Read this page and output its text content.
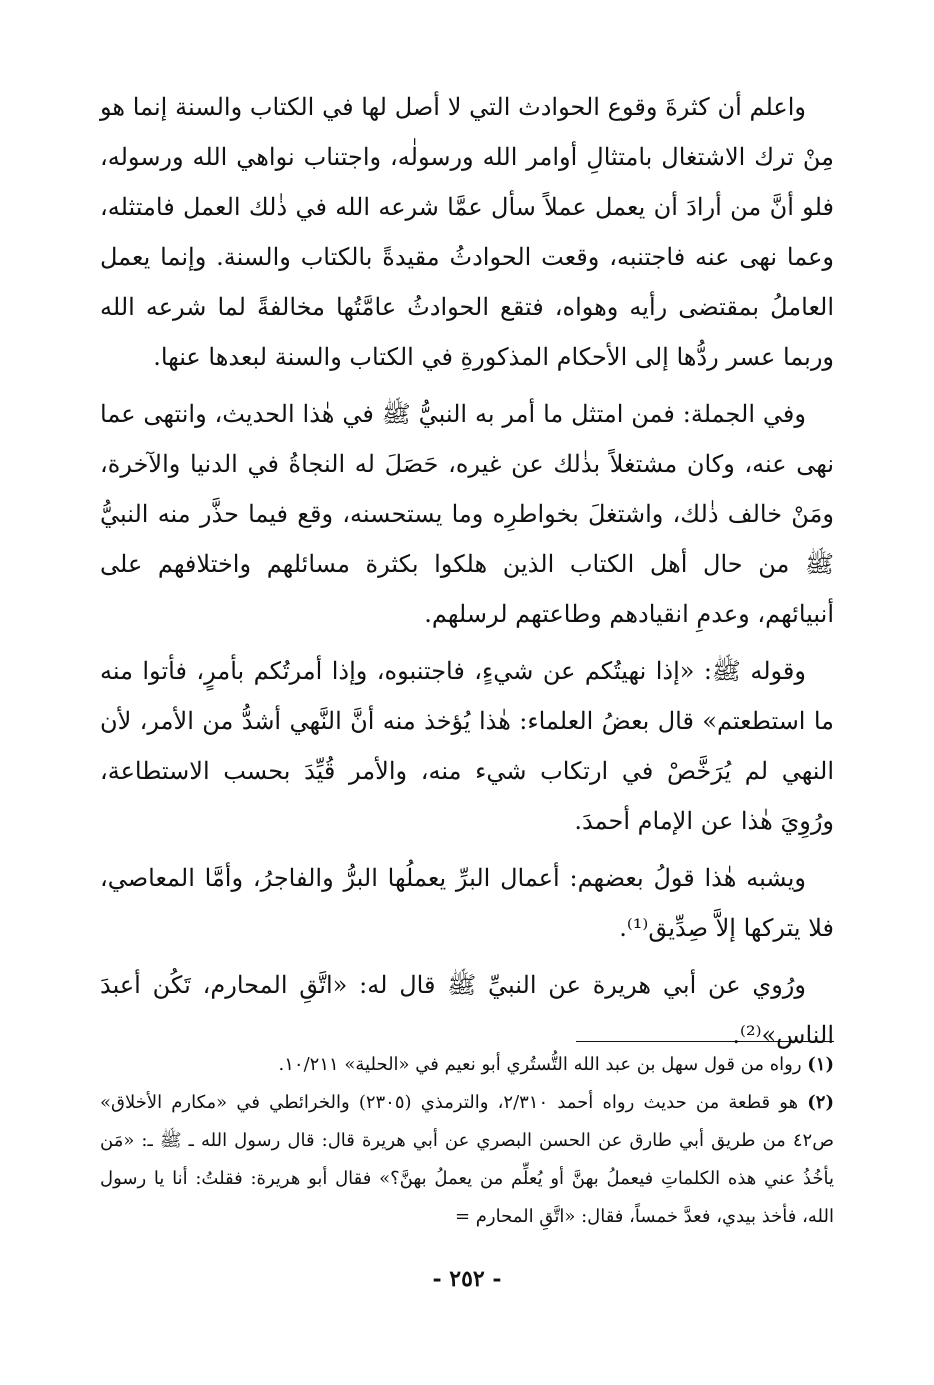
واعلم أن كثرةَ وقوع الحوادث التي لا أصل لها في الكتاب والسنة إنما هو مِنْ ترك الاشتغال بامتثالِ أوامر الله ورسولٰه، واجتناب نواهي الله ورسوله، فلو أنَّ من أرادَ أن يعمل عملاً سأل عمَّا شرعه الله في ذٰلك العمل فامتثله، وعما نهى عنه فاجتنبه، وقعت الحوادثُ مقيدةً بالكتاب والسنة. وإنما يعمل العاملُ بمقتضى رأيه وهواه، فتقع الحوادثُ عامَّتُها مخالفةً لما شرعه الله وربما عسر ردُّها إلى الأحكام المذكورةِ في الكتاب والسنة لبعدها عنها.

وفي الجملة: فمن امتثل ما أمر به النبيُّ ﷺ في هٰذا الحديث، وانتهى عما نهى عنه، وكان مشتغلاً بذٰلك عن غيره، حَصَلَ له النجاةُ في الدنيا والآخرة، ومَنْ خالف ذٰلك، واشتغلَ بخواطرِه وما يستحسنه، وقع فيما حذَّر منه النبيُّ ﷺ من حال أهل الكتاب الذين هلكوا بكثرة مسائلهم واختلافهم على أنبيائهم، وعدمِ انقيادهم وطاعتهم لرسلهم.

وقوله ﷺ: «إذا نهيتُكم عن شيءٍ، فاجتنبوه، وإذا أمرتُكم بأمرٍ، فأتوا منه ما استطعتم» قال بعضُ العلماء: هٰذا يُؤخذ منه أنَّ النَّهي أشدُّ من الأمر، لأن النهي لم يُرَخَّصْ في ارتكاب شيء منه، والأمر قُيِّدَ بحسب الاستطاعة، ورُوِيَ هٰذا عن الإمام أحمدَ.

ويشبه هٰذا قولُ بعضهم: أعمال البرِّ يعملُها البرُّ والفاجرُ، وأمَّا المعاصي، فلا يتركها إلاَّ صِدِّيق⁽¹⁾.

ورُوي عن أبي هريرة عن النبيِّ ﷺ قال له: «اتَّقِ المحارم، تَكُن أعبدَ الناس»⁽²⁾.

(١) رواه من قول سهل بن عبد الله التُّستُري أبو نعيم في «الحلية» ١٠/٢١١.

(٢) هو قطعة من حديث رواه أحمد ٢/٣١٠، والترمذي (٢٣٠٥) والخرائطي في «مكارم الأخلاق» ص٤٢ من طريق أبي طارق عن الحسن البصري عن أبي هريرة قال: قال رسول الله ـ ﷺ ـ: «مَن يأخُذُ عني هذه الكلماتِ فيعملُ بهنَّ أو يُعلِّم من يعملُ بهنَّ؟» فقال أبو هريرة: فقلتُ: أنا يا رسول الله، فأخذ بيدي، فعدَّ خمساً، فقال: «اتَّقِ المحارم =

- ٢٥٢ -
